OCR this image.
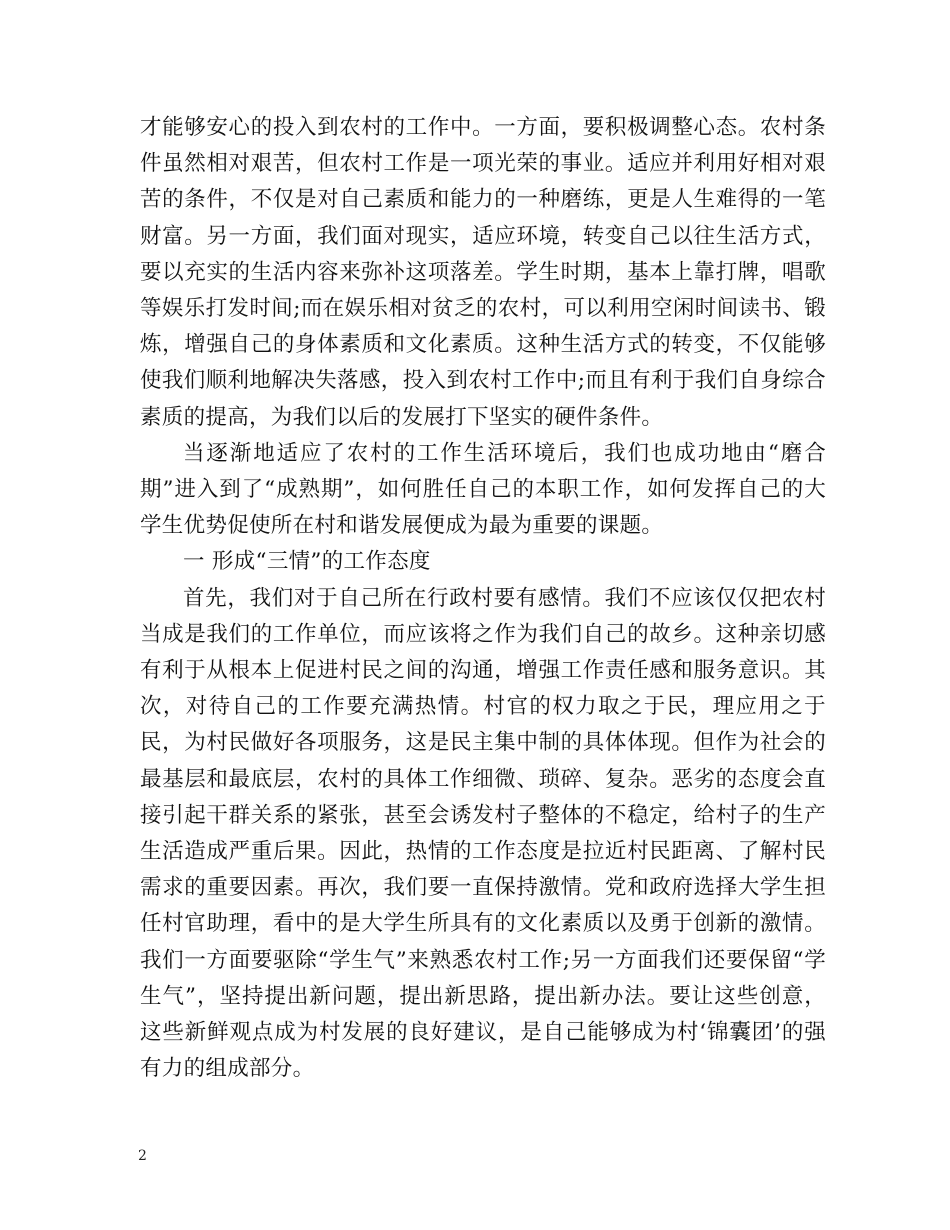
才能够安心的投入到农村的工作中。一方面，要积极调整心态。农村条件虽然相对艰苦，但农村工作是一项光荣的事业。适应并利用好相对艰苦的条件，不仅是对自己素质和能力的一种磨练，更是人生难得的一笔财富。另一方面，我们面对现实，适应环境，转变自己以往生活方式，要以充实的生活内容来弥补这项落差。学生时期，基本上靠打牌，唱歌等娱乐打发时间;而在娱乐相对贫乏的农村，可以利用空闲时间读书、锻炼，增强自己的身体素质和文化素质。这种生活方式的转变，不仅能够使我们顺利地解决失落感，投入到农村工作中;而且有利于我们自身综合素质的提高，为我们以后的发展打下坚实的硬件条件。

当逐渐地适应了农村的工作生活环境后，我们也成功地由“磨合期”进入到了“成熟期”，如何胜任自己的本职工作，如何发挥自己的大学生优势促使所在村和谐发展便成为最为重要的课题。

一 形成“三情”的工作态度

首先，我们对于自己所在行政村要有感情。我们不应该仅仅把农村当成是我们的工作单位，而应该将之作为我们自己的故乡。这种亲切感有利于从根本上促进村民之间的沟通，增强工作责任感和服务意识。其次，对待自己的工作要充满热情。村官的权力取之于民，理应用之于民，为村民做好各项服务，这是民主集中制的具体体现。但作为社会的最基层和最底层，农村的具体工作细微、琐碎、复杂。恶劣的态度会直接引起干群关系的紧张，甚至会诱发村子整体的不稳定，给村子的生产生活造成严重后果。因此，热情的工作态度是拉近村民距离、了解村民需求的重要因素。再次，我们要一直保持激情。党和政府选择大学生担任村官助理，看中的是大学生所具有的文化素质以及勇于创新的激情。我们一方面要驱除“学生气”来熟悉农村工作;另一方面我们还要保留“学生气”，坚持提出新问题，提出新思路，提出新办法。要让这些创意，这些新鲜观点成为村发展的良好建议，是自己能够成为村‘锦囊团’的强有力的组成部分。

2
